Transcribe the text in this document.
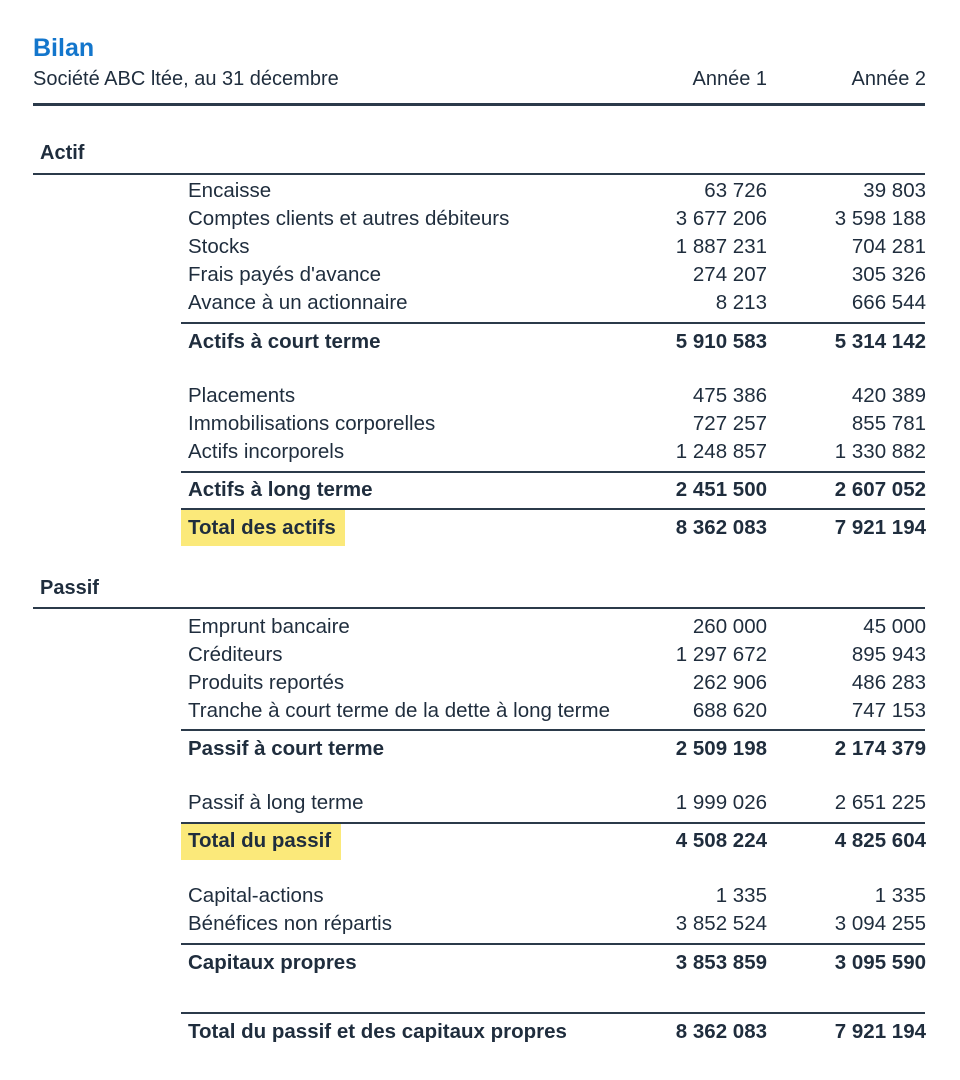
Bilan
Société ABC ltée, au 31 décembre	Année 1	Année 2
Actif
Encaisse	63 726	39 803
Comptes clients et autres débiteurs	3 677 206	3 598 188
Stocks	1 887 231	704 281
Frais payés d'avance	274 207	305 326
Avance à un actionnaire	8 213	666 544
Actifs à court terme	5 910 583	5 314 142
Placements	475 386	420 389
Immobilisations corporelles	727 257	855 781
Actifs incorporels	1 248 857	1 330 882
Actifs à long terme	2 451 500	2 607 052
Total des actifs	8 362 083	7 921 194
Passif
Emprunt bancaire	260 000	45 000
Créditeurs	1 297 672	895 943
Produits reportés	262 906	486 283
Tranche à court terme de la dette à long terme	688 620	747 153
Passif à court terme	2 509 198	2 174 379
Passif à long terme	1 999 026	2 651 225
Total du passif	4 508 224	4 825 604
Capital-actions	1 335	1 335
Bénéfices non répartis	3 852 524	3 094 255
Capitaux propres	3 853 859	3 095 590
Total du passif et des capitaux propres	8 362 083	7 921 194
